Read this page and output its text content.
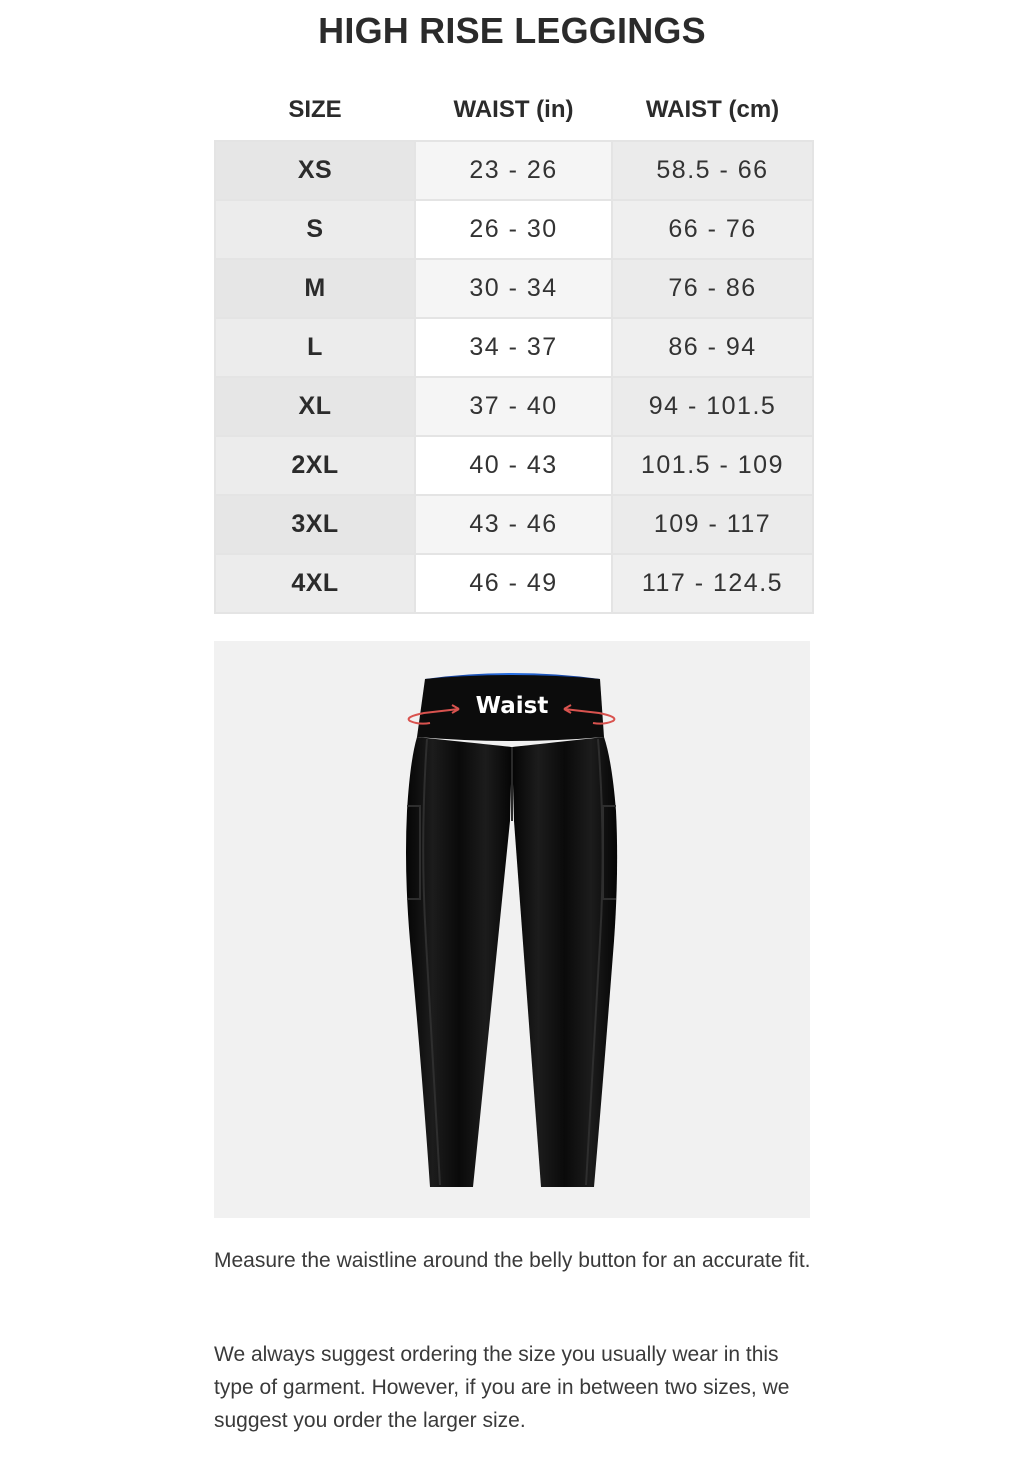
HIGH RISE LEGGINGS
SIZE	WAIST (in)	WAIST (cm)
XS	23 - 26	58.5 - 66
S	26 - 30	66 - 76
M	30 - 34	76 - 86
L	34 - 37	86 - 94
XL	37 - 40	94 - 101.5
2XL	40 - 43	101.5 - 109
3XL	43 - 46	109 - 117
4XL	46 - 49	117 - 124.5
Waist

Measure the waistline around the belly button for an accurate fit.

We always suggest ordering the size you usually wear in this type of garment. However, if you are in between two sizes, we suggest you order the larger size.
